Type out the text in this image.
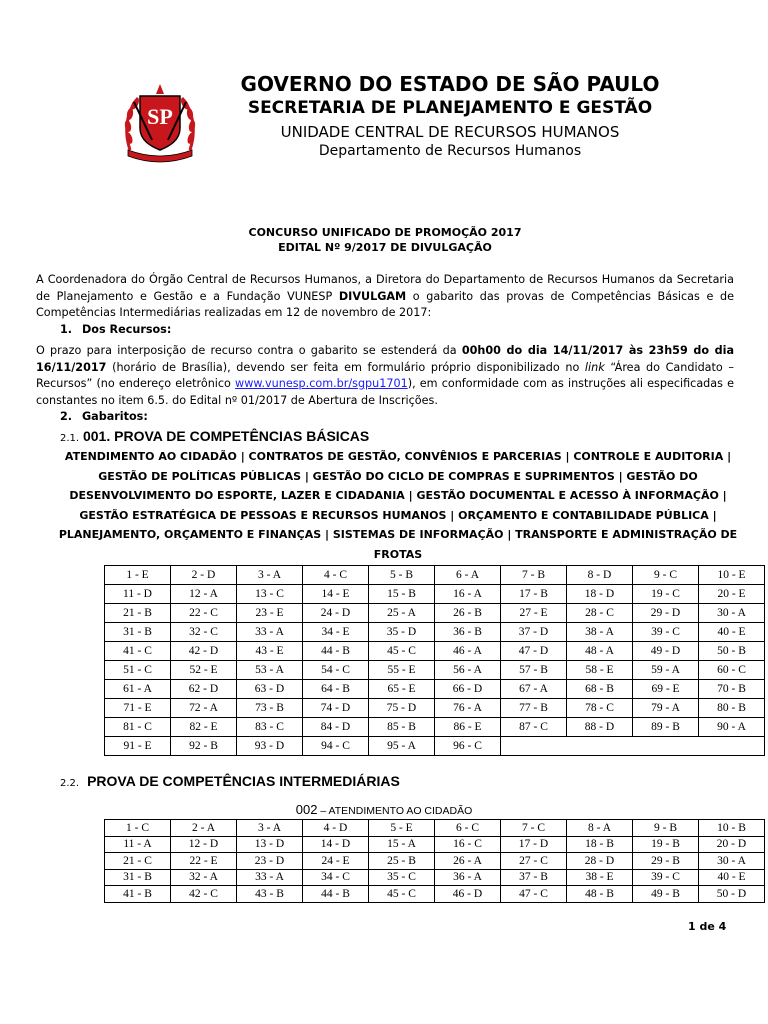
SP
GOVERNO DO ESTADO DE SÃO PAULO
SECRETARIA DE PLANEJAMENTO E GESTÃO
UNIDADE CENTRAL DE RECURSOS HUMANOS
Departamento de Recursos Humanos
CONCURSO UNIFICADO DE PROMOÇÃO 2017
EDITAL Nº 9/2017 DE DIVULGAÇÃO
A Coordenadora do Órgão Central de Recursos Humanos, a Diretora do Departamento de Recursos Humanos da Secretaria de Planejamento e Gestão e a Fundação VUNESP DIVULGAM o gabarito das provas de Competências Básicas e de Competências Intermediárias realizadas em 12 de novembro de 2017:
1. Dos Recursos:
O prazo para interposição de recurso contra o gabarito se estenderá da 00h00 do dia 14/11/2017 às 23h59 do dia 16/11/2017 (horário de Brasília), devendo ser feita em formulário próprio disponibilizado no link “Área do Candidato – Recursos” (no endereço eletrônico www.vunesp.com.br/sgpu1701), em conformidade com as instruções ali especificadas e constantes no item 6.5. do Edital nº 01/2017 de Abertura de Inscrições.
2. Gabaritos:
2.1. 001. PROVA DE COMPETÊNCIAS BÁSICAS
ATENDIMENTO AO CIDADÃO | CONTRATOS DE GESTÃO, CONVÊNIOS E PARCERIAS | CONTROLE E AUDITORIA | GESTÃO DE POLÍTICAS PÚBLICAS | GESTÃO DO CICLO DE COMPRAS E SUPRIMENTOS | GESTÃO DO DESENVOLVIMENTO DO ESPORTE, LAZER E CIDADANIA | GESTÃO DOCUMENTAL E ACESSO À INFORMAÇÃO | GESTÃO ESTRATÉGICA DE PESSOAS E RECURSOS HUMANOS | ORÇAMENTO E CONTABILIDADE PÚBLICA | PLANEJAMENTO, ORÇAMENTO E FINANÇAS | SISTEMAS DE INFORMAÇÃO | TRANSPORTE E ADMINISTRAÇÃO DE FROTAS
1 - E	2 - D	3 - A	4 - C	5 - B	6 - A	7 - B	8 - D	9 - C	10 - E
11 - D	12 - A	13 - C	14 - E	15 - B	16 - A	17 - B	18 - D	19 - C	20 - E
21 - B	22 - C	23 - E	24 - D	25 - A	26 - B	27 - E	28 - C	29 - D	30 - A
31 - B	32 - C	33 - A	34 - E	35 - D	36 - B	37 - D	38 - A	39 - C	40 - E
41 - C	42 - D	43 - E	44 - B	45 - C	46 - A	47 - D	48 - A	49 - D	50 - B
51 - C	52 - E	53 - A	54 - C	55 - E	56 - A	57 - B	58 - E	59 - A	60 - C
61 - A	62 - D	63 - D	64 - B	65 - E	66 - D	67 - A	68 - B	69 - E	70 - B
71 - E	72 - A	73 - B	74 - D	75 - D	76 - A	77 - B	78 - C	79 - A	80 - B
81 - C	82 - E	83 - C	84 - D	85 - B	86 - E	87 - C	88 - D	89 - B	90 - A
91 - E	92 - B	93 - D	94 - C	95 - A	96 - C				
2.2. PROVA DE COMPETÊNCIAS INTERMEDIÁRIAS
002 – ATENDIMENTO AO CIDADÃO
1 - C	2 - A	3 - A	4 - D	5 - E	6 - C	7 - C	8 - A	9 - B	10 - B
11 - A	12 - D	13 - D	14 - D	15 - A	16 - C	17 - D	18 - B	19 - B	20 - D
21 - C	22 - E	23 - D	24 - E	25 - B	26 - A	27 - C	28 - D	29 - B	30 - A
31 - B	32 - A	33 - A	34 - C	35 - C	36 - A	37 - B	38 - E	39 - C	40 - E
41 - B	42 - C	43 - B	44 - B	45 - C	46 - D	47 - C	48 - B	49 - B	50 - D
1 de 4
